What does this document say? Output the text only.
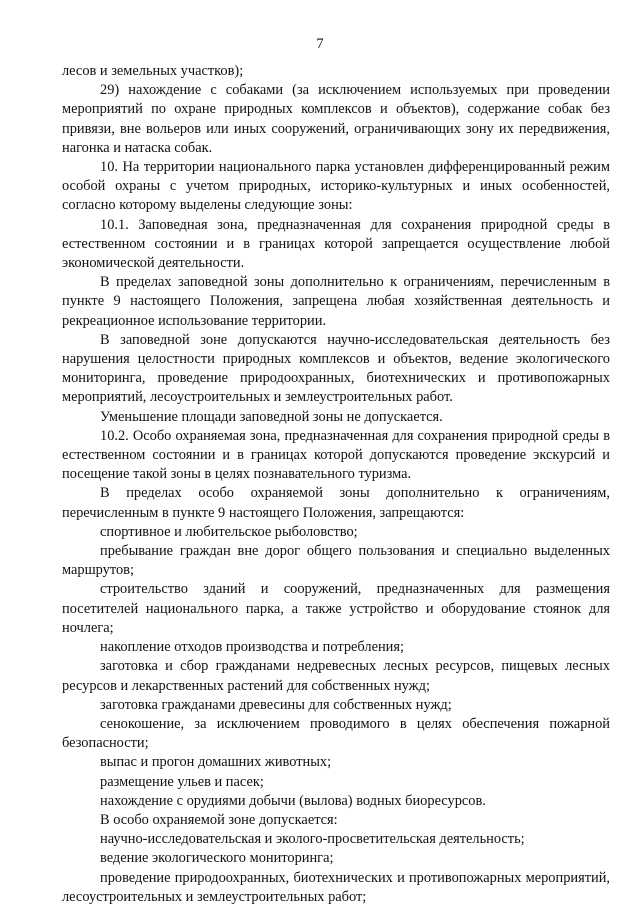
7

лесов и земельных участков);

29) нахождение с собаками (за исключением используемых при проведении мероприятий по охране природных комплексов и объектов), содержание собак без привязи, вне вольеров или иных сооружений, ограничивающих зону их передвижения, нагонка и натаска собак.

10. На территории национального парка установлен дифференцированный режим особой охраны с учетом природных, историко-культурных и иных особенностей, согласно которому выделены следующие зоны:

10.1. Заповедная зона, предназначенная для сохранения природной среды в естественном состоянии и в границах которой запрещается осуществление любой экономической деятельности.

В пределах заповедной зоны дополнительно к ограничениям, перечисленным в пункте 9 настоящего Положения, запрещена любая хозяйственная деятельность и рекреационное использование территории.

В заповедной зоне допускаются научно-исследовательская деятельность без нарушения целостности природных комплексов и объектов, ведение экологического мониторинга, проведение природоохранных, биотехнических и противопожарных мероприятий, лесоустроительных и землеустроительных работ.

Уменьшение площади заповедной зоны не допускается.

10.2. Особо охраняемая зона, предназначенная для сохранения природной среды в естественном состоянии и в границах которой допускаются проведение экскурсий и посещение такой зоны в целях познавательного туризма.

В пределах особо охраняемой зоны дополнительно к ограничениям, перечисленным в пункте 9 настоящего Положения, запрещаются:

спортивное и любительское рыболовство;

пребывание граждан вне дорог общего пользования и специально выделенных маршрутов;

строительство зданий и сооружений, предназначенных для размещения посетителей национального парка, а также устройство и оборудование стоянок для ночлега;

накопление отходов производства и потребления;

заготовка и сбор гражданами недревесных лесных ресурсов, пищевых лесных ресурсов и лекарственных растений для собственных нужд;

заготовка гражданами древесины для собственных нужд;

сенокошение, за исключением проводимого в целях обеспечения пожарной безопасности;

выпас и прогон домашних животных;

размещение ульев и пасек;

нахождение с орудиями добычи (вылова) водных биоресурсов.

В особо охраняемой зоне допускается:

научно-исследовательская и эколого-просветительская деятельность;

ведение экологического мониторинга;

проведение природоохранных, биотехнических и противопожарных мероприятий, лесоустроительных и землеустроительных работ;
